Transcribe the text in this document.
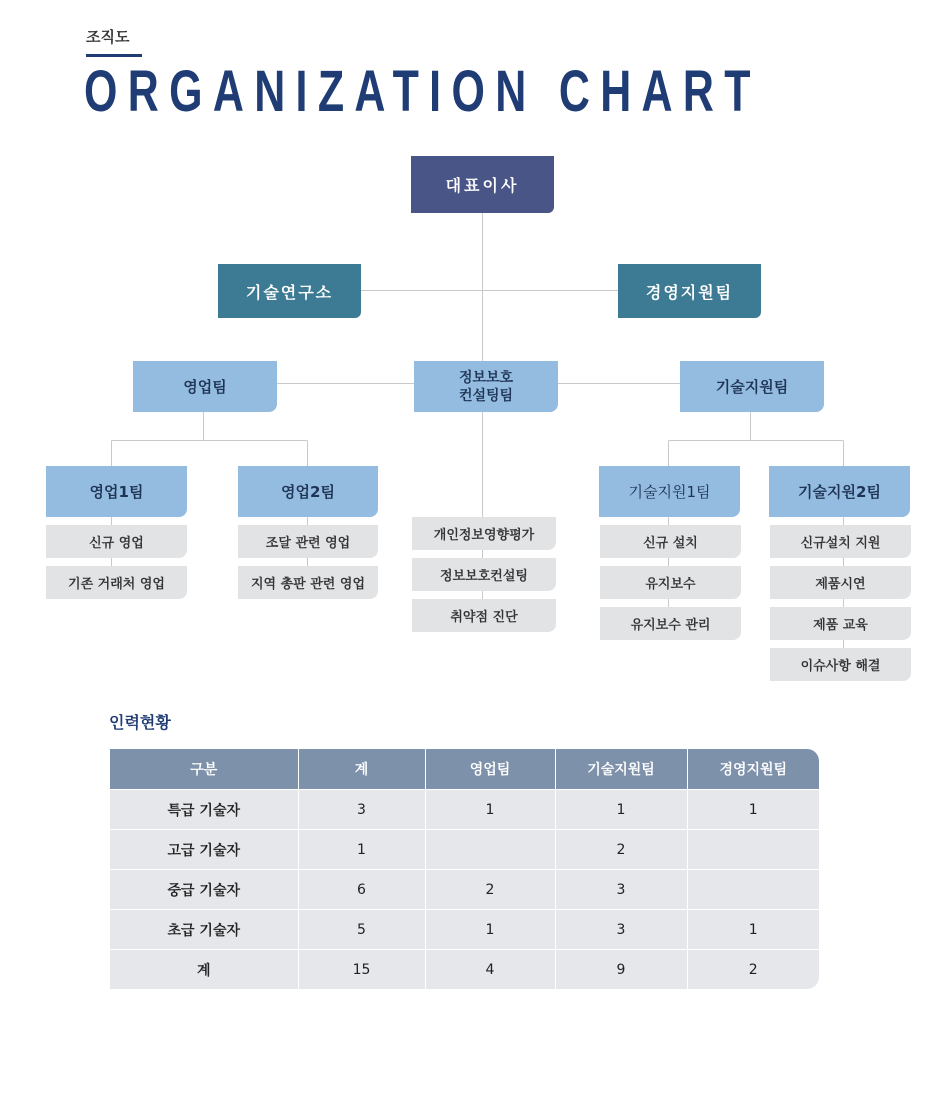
조직도
ORGANIZATION CHART
대표이사
기술연구소	경영지원팀
영업팀	정보보호
컨설팅팀	기술지원팀
영업1팀	영업2팀	기술지원1팀	기술지원2팀
신규 영업
기존 거래처 영업
조달 관련 영업
지역 총판 관련 영업
개인정보영향평가
정보보호컨설팅
취약점 진단
신규 설치
유지보수
유지보수 관리
신규설치 지원
제품시연
제품 교육
이슈사항 해결
인력현황
구분	계	영업팀	기술지원팀	경영지원팀
특급 기술자	3	1	1	1
고급 기술자	1		2	
중급 기술자	6	2	3	
초급 기술자	5	1	3	1
계	15	4	9	2
